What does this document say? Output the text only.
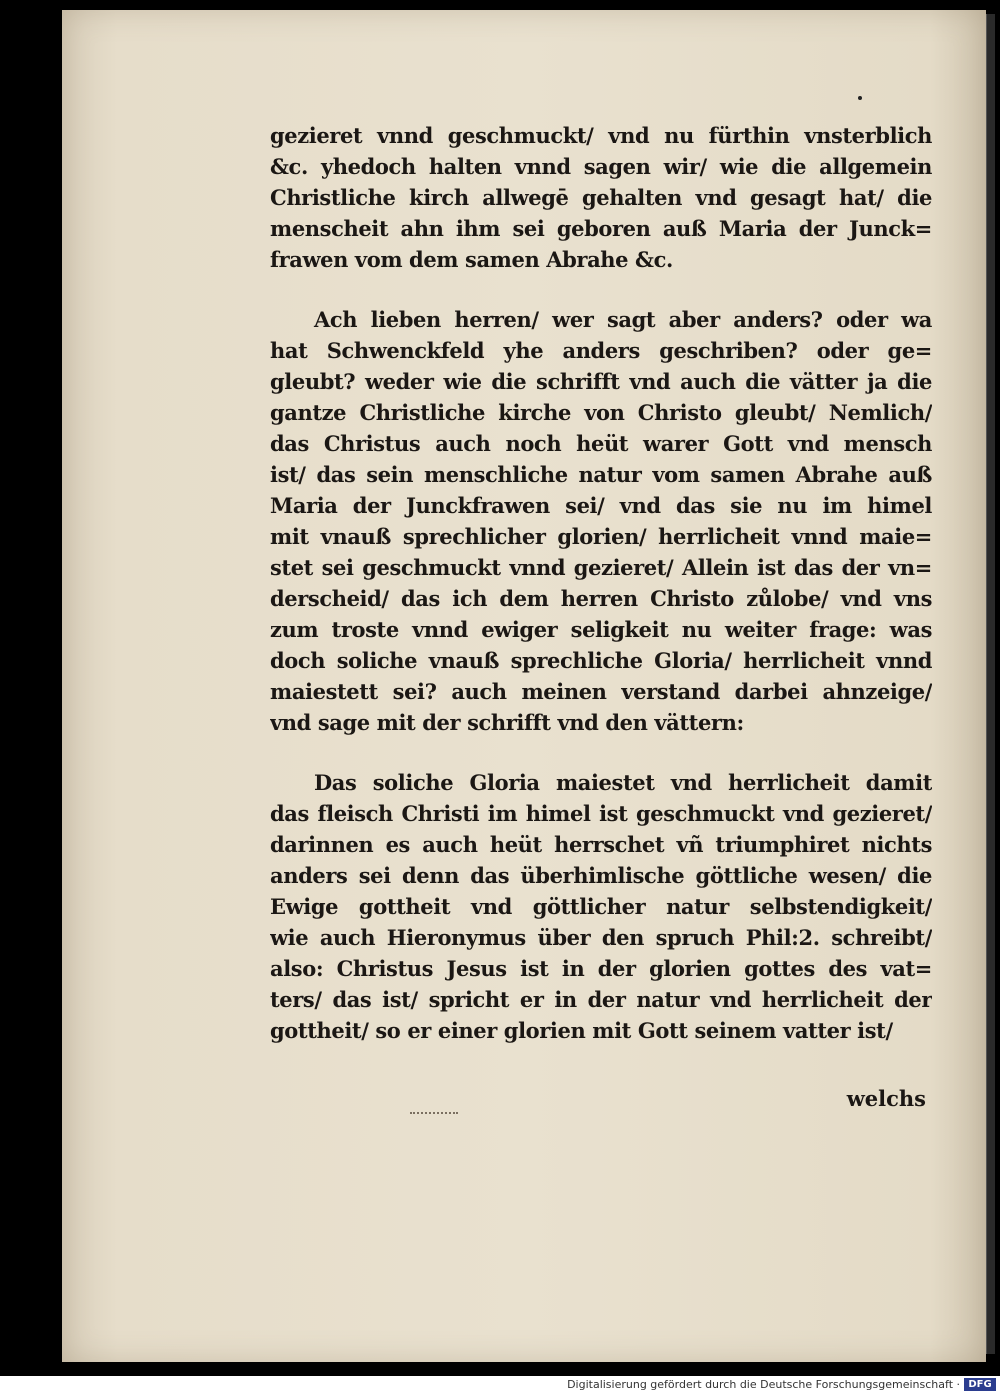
gezieret vnnd geschmuckt/ vnd nu fürthin vnsterblich
&c. yhedoch halten vnnd sagen wir/ wie die allgemein
Christliche kirch allwegē gehalten vnd gesagt hat/ die
menscheit ahn ihm sei geboren auß Maria der Junck=
frawen vom dem samen Abrahe &c.
Ach lieben herren/ wer sagt aber anders? oder wa
hat Schwenckfeld yhe anders geschriben? oder ge=
gleubt? weder wie die schrifft vnd auch die vätter ja die
gantze Christliche kirche von Christo gleubt/ Nemlich/
das Christus auch noch heüt warer Gott vnd mensch
ist/ das sein menschliche natur vom samen Abrahe auß
Maria der Junckfrawen sei/ vnd das sie nu im himel
mit vnauß sprechlicher glorien/ herrlicheit vnnd maie=
stet sei geschmuckt vnnd gezieret/ Allein ist das der vn=
derscheid/ das ich dem herren Christo zůlobe/ vnd vns
zum troste vnnd ewiger seligkeit nu weiter frage: was
doch soliche vnauß sprechliche Gloria/ herrlicheit vnnd
maiestett sei? auch meinen verstand darbei ahnzeige/
vnd sage mit der schrifft vnd den vättern:
Das soliche Gloria maiestet vnd herrlicheit damit
das fleisch Christi im himel ist geschmuckt vnd gezieret/
darinnen es auch heüt herrschet vñ triumphiret nichts
anders sei denn das überhimlische göttliche wesen/ die
Ewige gottheit vnd göttlicher natur selbstendigkeit/
wie auch Hieronymus über den spruch Phil:2. schreibt/
also: Christus Jesus ist in der glorien gottes des vat=
ters/ das ist/ spricht er in der natur vnd herrlicheit der
gottheit/ so er einer glorien mit Gott seinem vatter ist/
welchs
Digitalisierung gefördert durch die Deutsche Forschungsgemeinschaft · DFG
